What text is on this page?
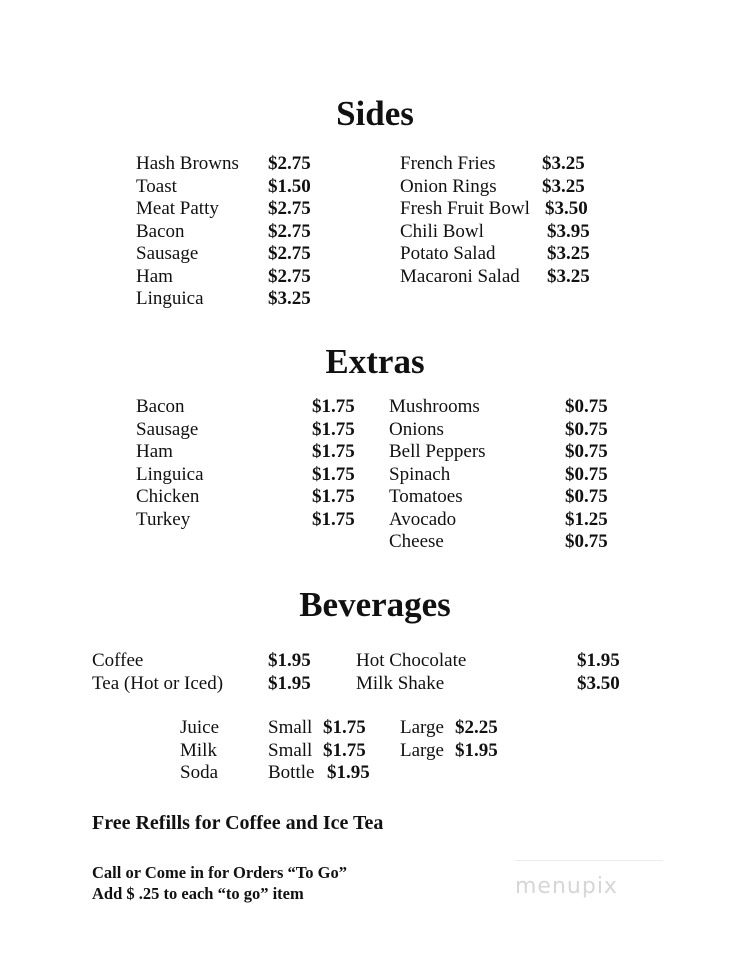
Sides
Hash Browns
Toast
Meat Patty
Bacon
Sausage
Ham
Linguica
$2.75
$1.50
$2.75
$2.75
$2.75
$2.75
$3.25
French Fries
Onion Rings
Fresh Fruit Bowl
Chili Bowl
Potato Salad
Macaroni Salad
$3.25
$3.25
$3.50
$3.95
$3.25
$3.25
Extras
Bacon
Sausage
Ham
Linguica
Chicken
Turkey
$1.75
$1.75
$1.75
$1.75
$1.75
$1.75
Mushrooms
Onions
Bell Peppers
Spinach
Tomatoes
Avocado
Cheese
$0.75
$0.75
$0.75
$0.75
$0.75
$1.25
$0.75
Beverages
Coffee
Tea (Hot or Iced)
$1.95
$1.95
Hot Chocolate
Milk Shake
$1.95
$3.50
Juice
Milk
Soda
Small
Small
Bottle
$1.75
$1.75
$1.95
Large
Large
$2.25
$1.95
Free Refills for Coffee and Ice Tea
Call or Come in for Orders “To Go”
Add $ .25 to each “to go” item	menupix
